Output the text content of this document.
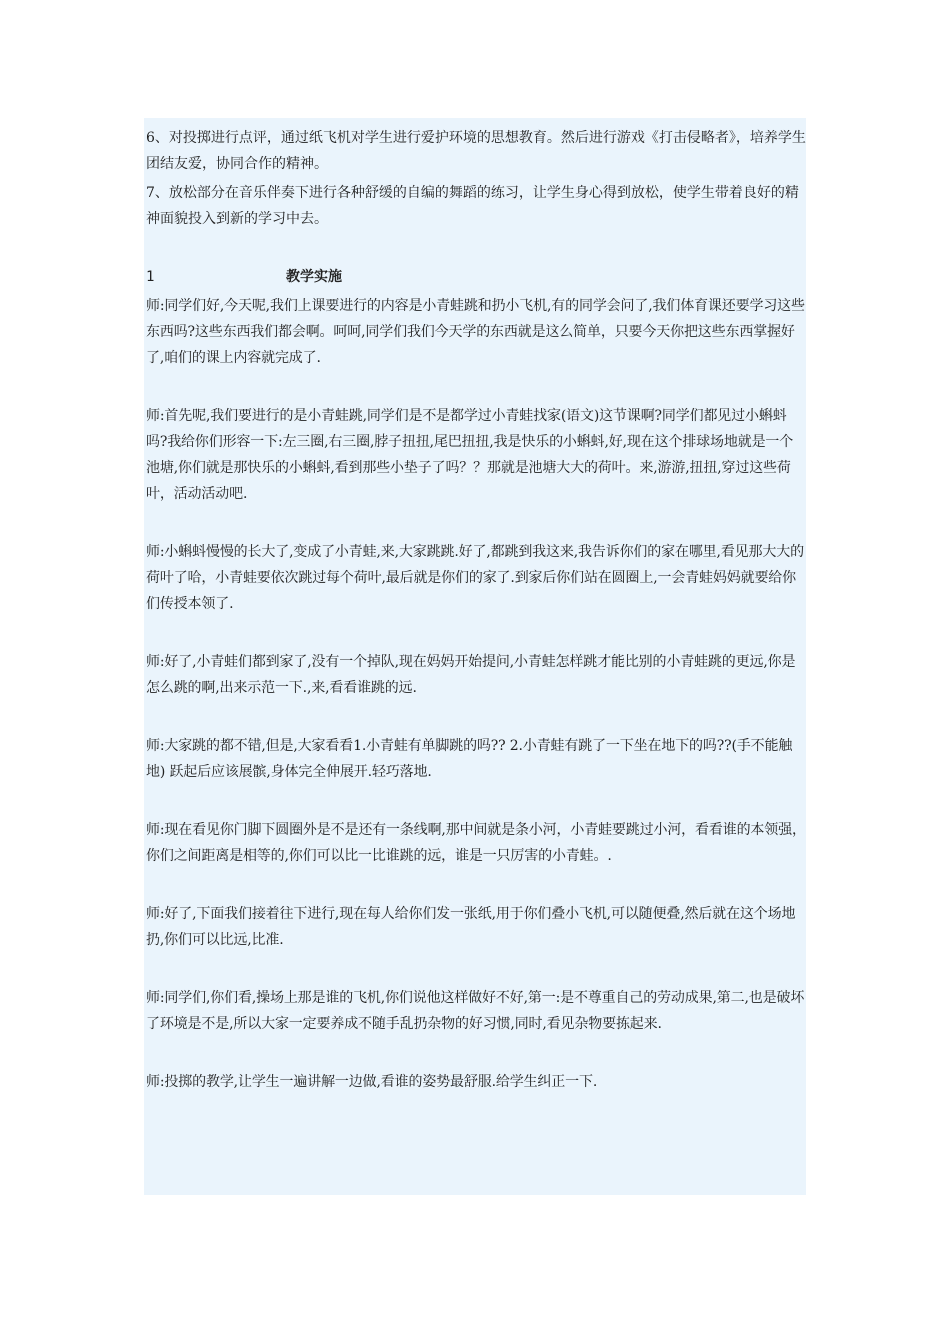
6、对投掷进行点评，通过纸飞机对学生进行爱护环境的思想教育。然后进行游戏《打击侵略者》，培养学生团结友爱，协同合作的精神。

7、放松部分在音乐伴奏下进行各种舒缓的自编的舞蹈的练习，让学生身心得到放松，使学生带着良好的精神面貌投入到新的学习中去。

1	教学实施

师:同学们好,今天呢,我们上课要进行的内容是小青蛙跳和扔小飞机,有的同学会问了,我们体育课还要学习这些东西吗?这些东西我们都会啊。呵呵,同学们我们今天学的东西就是这么简单，只要今天你把这些东西掌握好了,咱们的课上内容就完成了.

师:首先呢,我们要进行的是小青蛙跳,同学们是不是都学过小青蛙找家(语文)这节课啊?同学们都见过小蝌蚪吗?我给你们形容一下:左三圈,右三圈,脖子扭扭,尾巴扭扭,我是快乐的小蝌蚪,好,现在这个排球场地就是一个池塘,你们就是那快乐的小蝌蚪,看到那些小垫子了吗？？那就是池塘大大的荷叶。来,游游,扭扭,穿过这些荷叶，活动活动吧.

师:小蝌蚪慢慢的长大了,变成了小青蛙,来,大家跳跳.好了,都跳到我这来,我告诉你们的家在哪里,看见那大大的荷叶了哈，小青蛙要依次跳过每个荷叶,最后就是你们的家了.到家后你们站在圆圈上,一会青蛙妈妈就要给你们传授本领了.

师:好了,小青蛙们都到家了,没有一个掉队,现在妈妈开始提问,小青蛙怎样跳才能比别的小青蛙跳的更远,你是怎么跳的啊,出来示范一下.,来,看看谁跳的远.

师:大家跳的都不错,但是,大家看看1.小青蛙有单脚跳的吗?? 2.小青蛙有跳了一下坐在地下的吗??(手不能触地) 跃起后应该展髌,身体完全伸展开.轻巧落地.

师:现在看见你门脚下圆圈外是不是还有一条线啊,那中间就是条小河，小青蛙要跳过小河，看看谁的本领强，你们之间距离是相等的,你们可以比一比谁跳的远，谁是一只厉害的小青蛙。.

师:好了,下面我们接着往下进行,现在每人给你们发一张纸,用于你们叠小飞机,可以随便叠,然后就在这个场地扔,你们可以比远,比准.

师:同学们,你们看,操场上那是谁的飞机,你们说他这样做好不好,第一:是不尊重自己的劳动成果,第二,也是破坏了环境是不是,所以大家一定要养成不随手乱扔杂物的好习惯,同时,看见杂物要拣起来.

师:投掷的教学,让学生一遍讲解一边做,看谁的姿势最舒服.给学生纠正一下.
